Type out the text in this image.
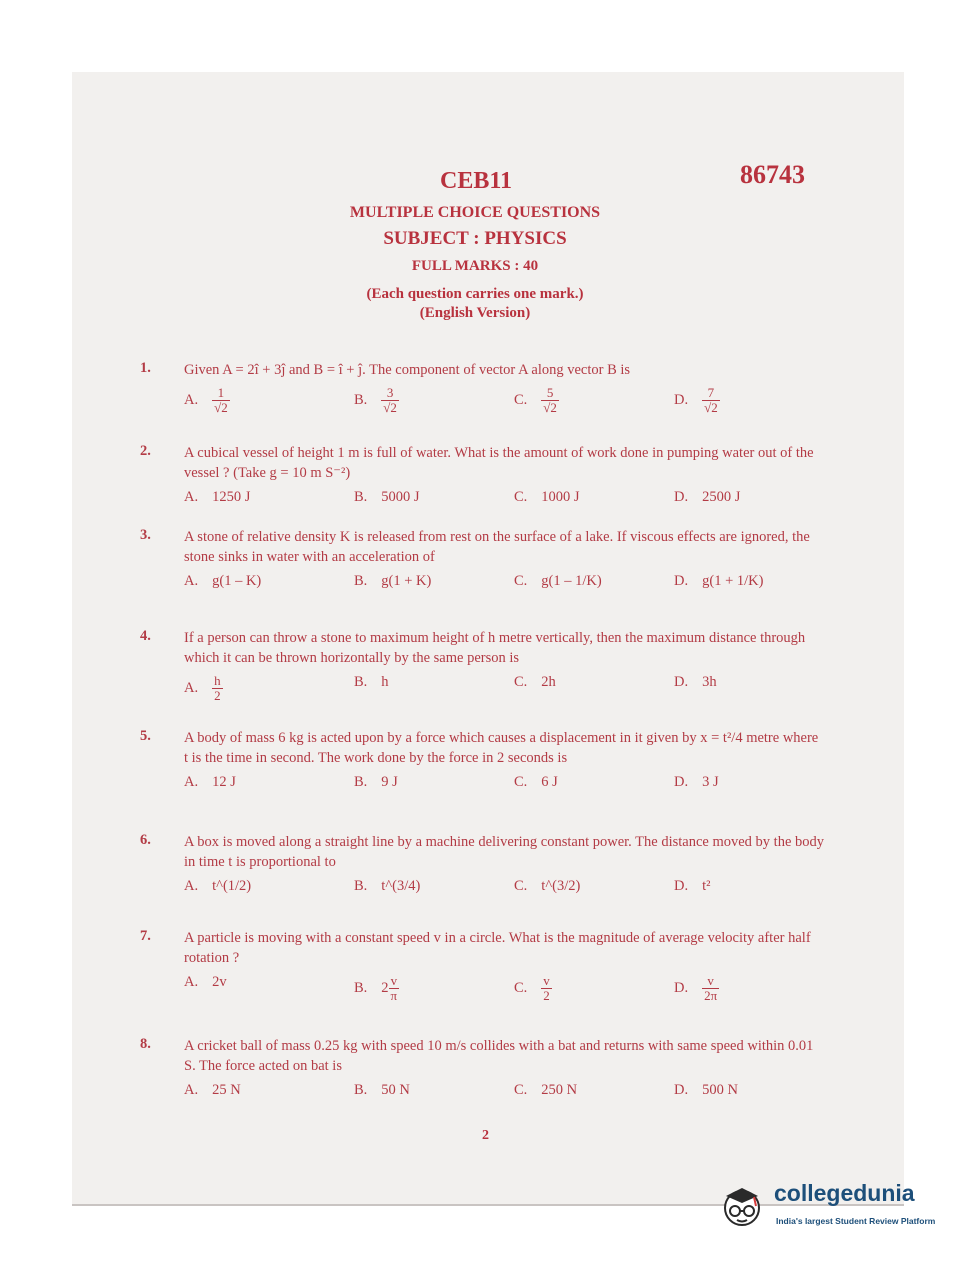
CEB11	86743
MULTIPLE CHOICE QUESTIONS
SUBJECT : PHYSICS
FULL MARKS : 40
(Each question carries one mark.)
(English Version)
1. Given A = 2î + 3ĵ and B = î + ĵ. The component of vector A along vector B is
A. $\frac{1}{√2}$	B. $\frac{3}{√2}$	C. $\frac{5}{√2}$	D. $\frac{7}{√2}$
2. A cubical vessel of height 1 m is full of water. What is the amount of work done in pumping water out of the vessel ? (Take g = 10 m S⁻²)
A. 1250 J	B. 5000 J	C. 1000 J	D. 2500 J
3. A stone of relative density K is released from rest on the surface of a lake. If viscous effects are ignored, the stone sinks in water with an acceleration of
A. g(1 – K)	B. g(1 + K)	C. g(1 – 1/K)	D. g(1 + 1/K)
4. If a person can throw a stone to maximum height of h metre vertically, then the maximum distance through which it can be thrown horizontally by the same person is
A. $\frac{h}{2}$	B. h	C. 2h	D. 3h
5. A body of mass 6 kg is acted upon by a force which causes a displacement in it given by x = t²/4 metre where t is the time in second. The work done by the force in 2 seconds is
A. 12 J	B. 9 J	C. 6 J	D. 3 J
6. A box is moved along a straight line by a machine delivering constant power. The distance moved by the body in time t is proportional to
A. t^(1/2)	B. t^(3/4)	C. t^(3/2)	D. t²
7. A particle is moving with a constant speed v in a circle. What is the magnitude of average velocity after half rotation ?
A. 2v	B. $2 \frac{v}{\pi}$	C. $\frac{v}{2}$	D. $\frac{v}{2\pi}$
8. A cricket ball of mass 0.25 kg with speed 10 m/s collides with a bat and returns with same speed within 0.01 S. The force acted on bat is
A. 25 N	B. 50 N	C. 250 N	D. 500 N
2
collegedunia
India's largest Student Review Platform
